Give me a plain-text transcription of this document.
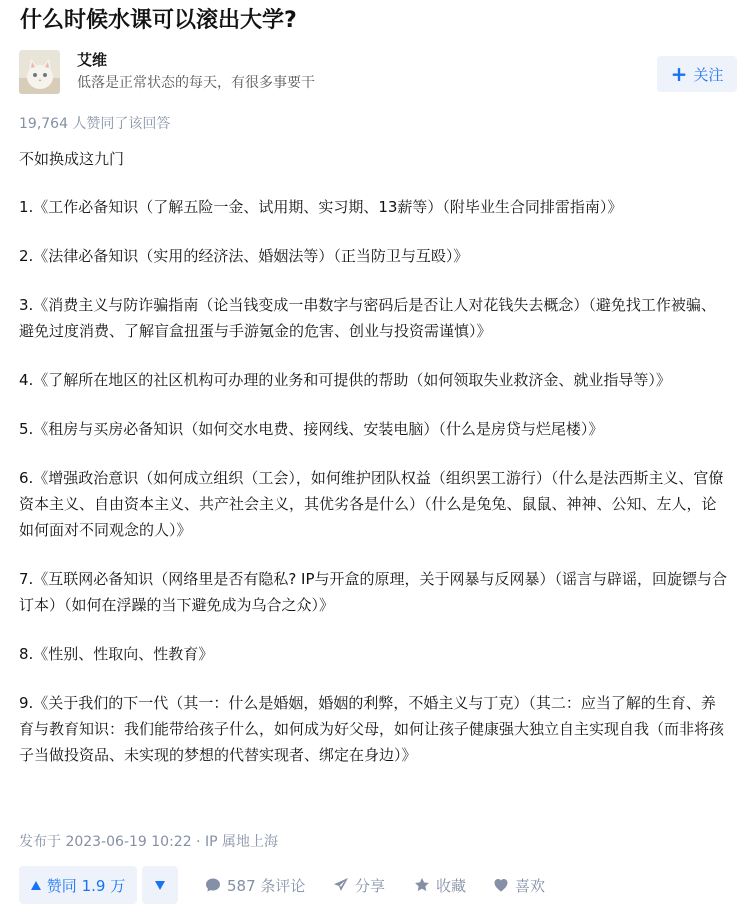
什么时候水课可以滚出大学?
艾维
低落是正常状态的每天，有很多事要干	+ 关注
19,764 人赞同了该回答

不如换成这九门

1.《工作必备知识（了解五险一金、试用期、实习期、13薪等）（附毕业生合同排雷指南）》

2.《法律必备知识（实用的经济法、婚姻法等）（正当防卫与互殴）》

3.《消费主义与防诈骗指南（论当钱变成一串数字与密码后是否让人对花钱失去概念）（避免找工作被骗、避免过度消费、了解盲盒扭蛋与手游氪金的危害、创业与投资需谨慎）》

4.《了解所在地区的社区机构可办理的业务和可提供的帮助（如何领取失业救济金、就业指导等）》

5.《租房与买房必备知识（如何交水电费、接网线、安装电脑）（什么是房贷与烂尾楼）》

6.《增强政治意识（如何成立组织（工会），如何维护团队权益（组织罢工游行）（什么是法西斯主义、官僚资本主义、自由资本主义、共产社会主义，其优劣各是什么）（什么是兔兔、鼠鼠、神神、公知、左人，论如何面对不同观念的人）》

7.《互联网必备知识（网络里是否有隐私? IP与开盒的原理，关于网暴与反网暴）（谣言与辟谣，回旋镖与合订本）（如何在浮躁的当下避免成为乌合之众）》

8.《性别、性取向、性教育》

9.《关于我们的下一代（其一：什么是婚姻，婚姻的利弊，不婚主义与丁克）（其二：应当了解的生育、养育与教育知识：我们能带给孩子什么，如何成为好父母，如何让孩子健康强大独立自主实现自我（而非将孩子当做投资品、未实现的梦想的代替实现者、绑定在身边）》

发布于 2023-06-19 10:22 · IP 属地上海
赞同 1.9 万	587 条评论	分享	收藏	喜欢
